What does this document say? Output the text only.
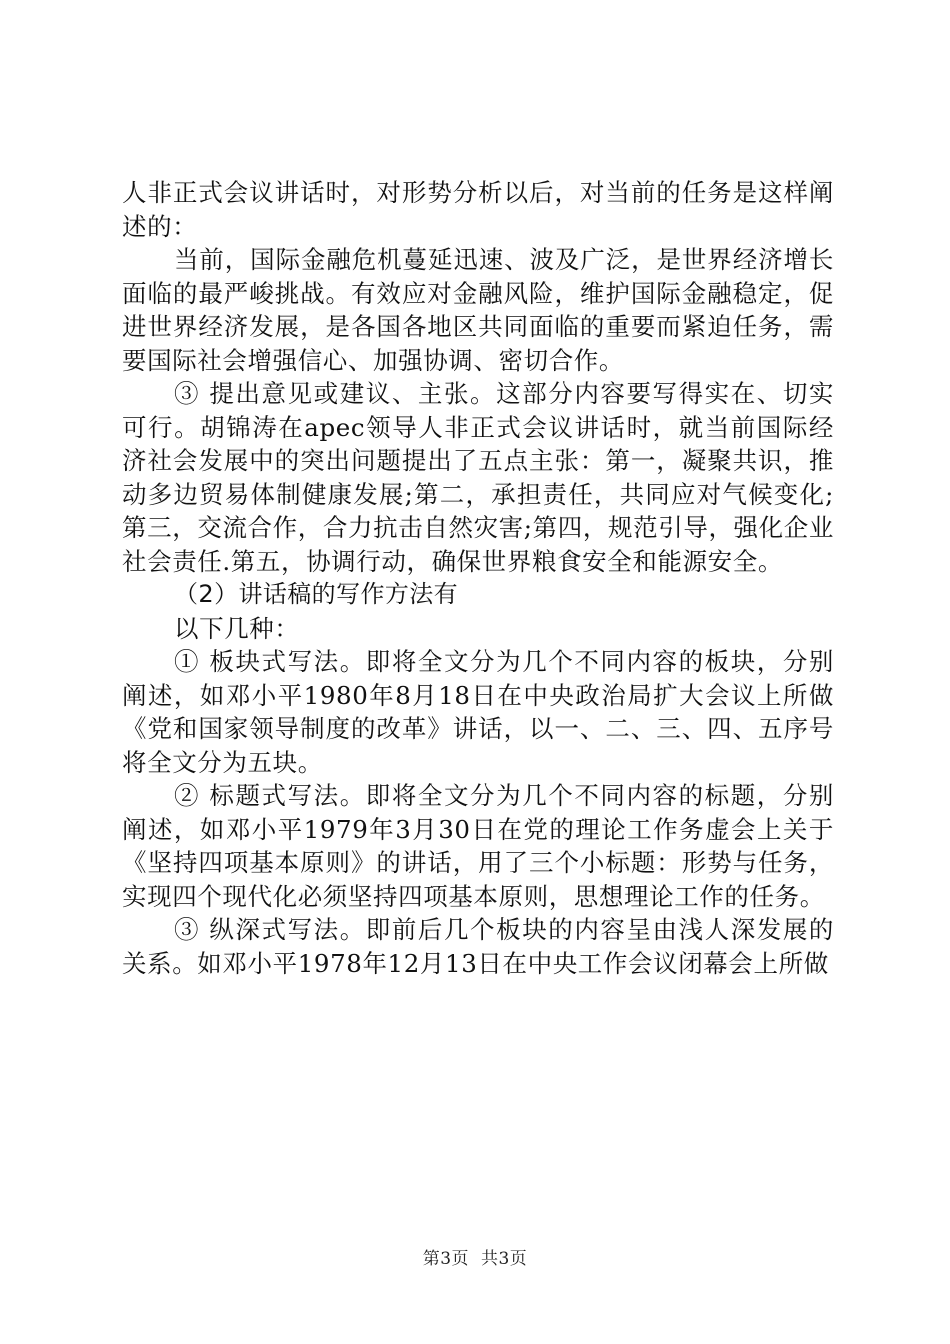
人非正式会议讲话时，对形势分析以后，对当前的任务是这样阐述的：

当前，国际金融危机蔓延迅速、波及广泛，是世界经济增长面临的最严峻挑战。有效应对金融风险，维护国际金融稳定，促进世界经济发展，是各国各地区共同面临的重要而紧迫任务，需要国际社会增强信心、加强协调、密切合作。

③ 提出意见或建议、主张。这部分内容要写得实在、切实可行。胡锦涛在apec领导人非正式会议讲话时，就当前国际经济社会发展中的突出问题提出了五点主张：第一，凝聚共识，推动多边贸易体制健康发展;第二，承担责任，共同应对气候变化;第三，交流合作，合力抗击自然灾害;第四，规范引导，强化企业社会责任.第五，协调行动，确保世界粮食安全和能源安全。

（2）讲话稿的写作方法有

以下几种：

① 板块式写法。即将全文分为几个不同内容的板块，分别阐述，如邓小平1980年8月18日在中央政治局扩大会议上所做《党和国家领导制度的改革》讲话，以一、二、三、四、五序号将全文分为五块。

② 标题式写法。即将全文分为几个不同内容的标题，分别阐述，如邓小平1979年3月30日在党的理论工作务虚会上关于《坚持四项基本原则》的讲话，用了三个小标题：形势与任务，实现四个现代化必须坚持四项基本原则，思想理论工作的任务。

③ 纵深式写法。即前后几个板块的内容呈由浅人深发展的关系。如邓小平1978年12月13日在中央工作会议闭幕会上所做

第3页 共3页
